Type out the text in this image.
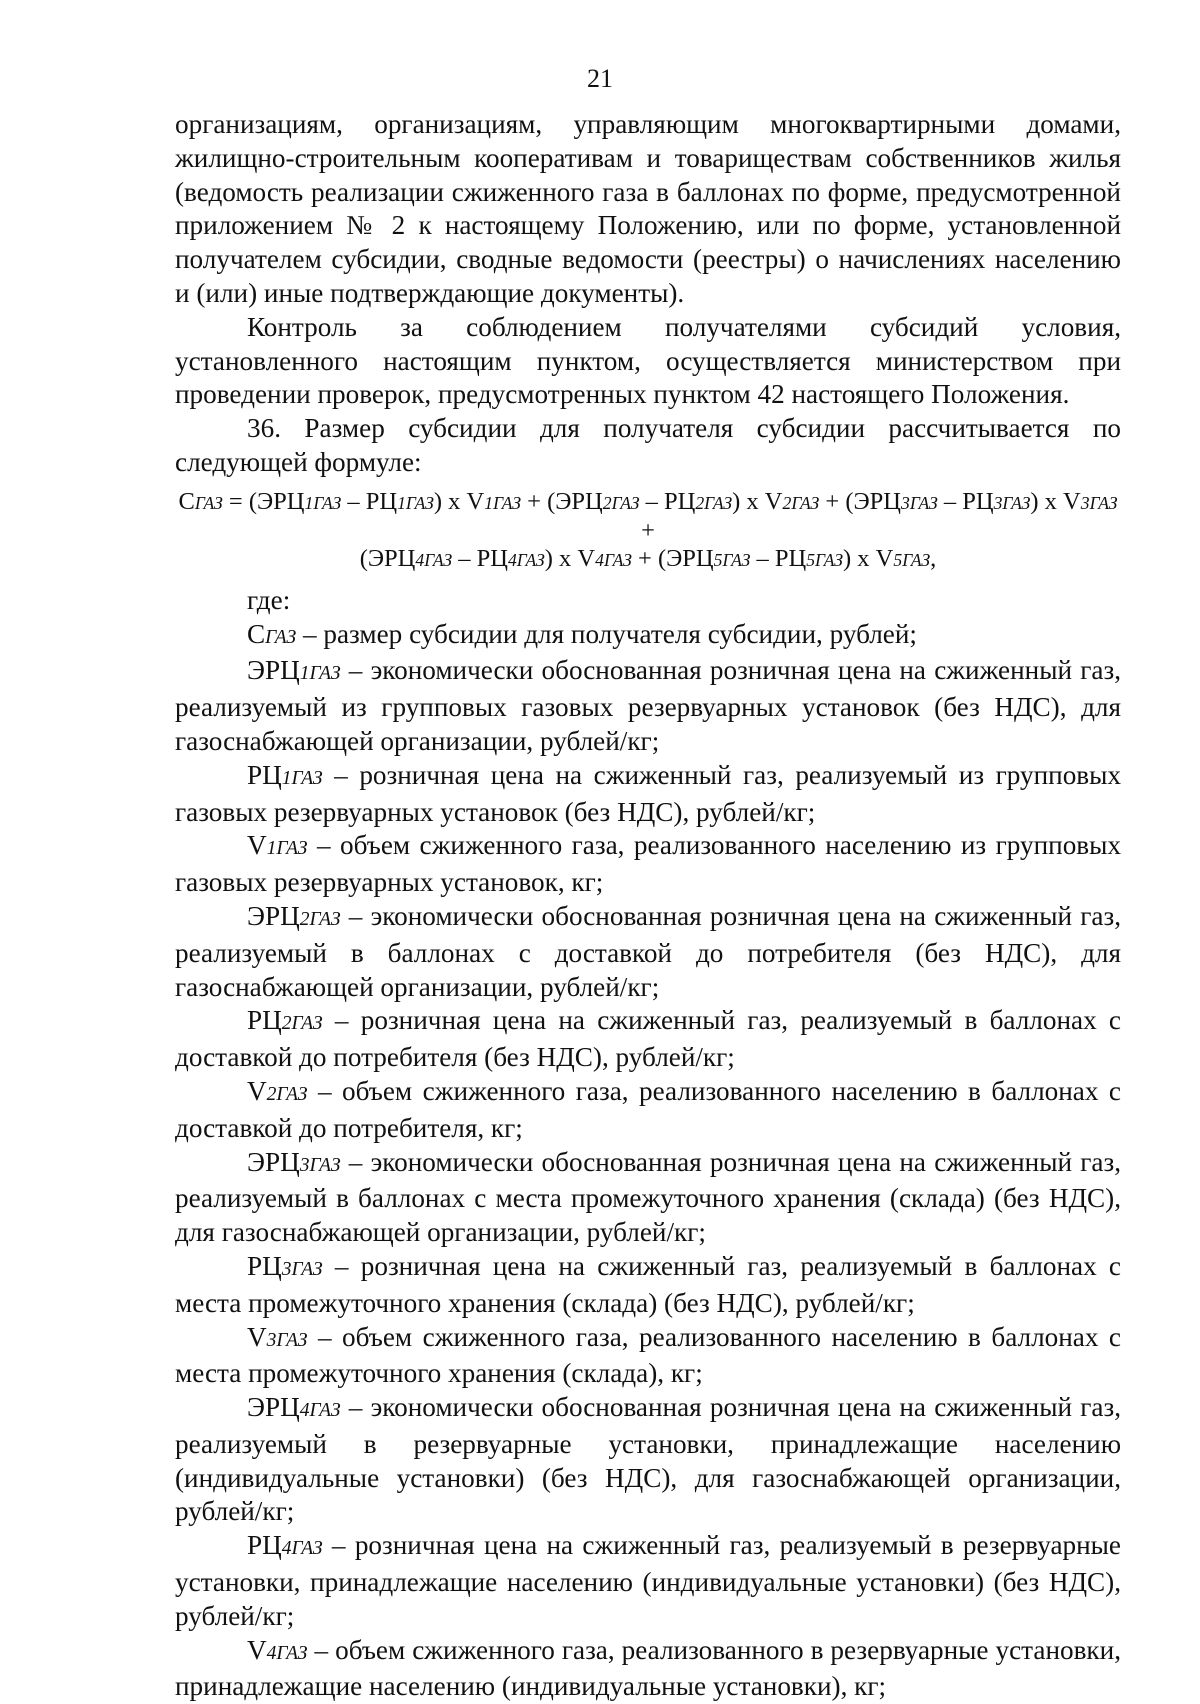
21

организациям, организациям, управляющим многоквартирными домами, жилищно-строительным кооперативам и товариществам собственников жилья (ведомость реализации сжиженного газа в баллонах по форме, предусмотренной приложением № 2 к настоящему Положению, или по форме, установленной получателем субсидии, сводные ведомости (реестры) о начислениях населению и (или) иные подтверждающие документы).

Контроль за соблюдением получателями субсидий условия, установленного настоящим пунктом, осуществляется министерством при проведении проверок, предусмотренных пунктом 42 настоящего Положения.

36. Размер субсидии для получателя субсидии рассчитывается по следующей формуле:

СГАЗ = (ЭРЦ1ГАЗ – РЦ1ГАЗ) х V1ГАЗ + (ЭРЦ2ГАЗ – РЦ2ГАЗ) х V2ГАЗ + (ЭРЦ3ГАЗ – РЦ3ГАЗ) х V3ГАЗ +
(ЭРЦ4ГАЗ – РЦ4ГАЗ) х V4ГАЗ + (ЭРЦ5ГАЗ – РЦ5ГАЗ) х V5ГАЗ,

где:

СГАЗ – размер субсидии для получателя субсидии, рублей;

ЭРЦ1ГАЗ – экономически обоснованная розничная цена на сжиженный газ, реализуемый из групповых газовых резервуарных установок (без НДС), для газоснабжающей организации, рублей/кг;

РЦ1ГАЗ – розничная цена на сжиженный газ, реализуемый из групповых газовых резервуарных установок (без НДС), рублей/кг;

V1ГАЗ – объем сжиженного газа, реализованного населению из групповых газовых резервуарных установок, кг;

ЭРЦ2ГАЗ – экономически обоснованная розничная цена на сжиженный газ, реализуемый в баллонах с доставкой до потребителя (без НДС), для газоснабжающей организации, рублей/кг;

РЦ2ГАЗ – розничная цена на сжиженный газ, реализуемый в баллонах с доставкой до потребителя (без НДС), рублей/кг;

V2ГАЗ – объем сжиженного газа, реализованного населению в баллонах с доставкой до потребителя, кг;

ЭРЦ3ГАЗ – экономически обоснованная розничная цена на сжиженный газ, реализуемый в баллонах с места промежуточного хранения (склада) (без НДС), для газоснабжающей организации, рублей/кг;

РЦ3ГАЗ – розничная цена на сжиженный газ, реализуемый в баллонах с места промежуточного хранения (склада) (без НДС), рублей/кг;

V3ГАЗ – объем сжиженного газа, реализованного населению в баллонах с места промежуточного хранения (склада), кг;

ЭРЦ4ГАЗ – экономически обоснованная розничная цена на сжиженный газ, реализуемый в резервуарные установки, принадлежащие населению (индивидуальные установки) (без НДС), для газоснабжающей организации, рублей/кг;

РЦ4ГАЗ – розничная цена на сжиженный газ, реализуемый в резервуарные установки, принадлежащие населению (индивидуальные установки) (без НДС), рублей/кг;

V4ГАЗ – объем сжиженного газа, реализованного в резервуарные установки, принадлежащие населению (индивидуальные установки), кг;
